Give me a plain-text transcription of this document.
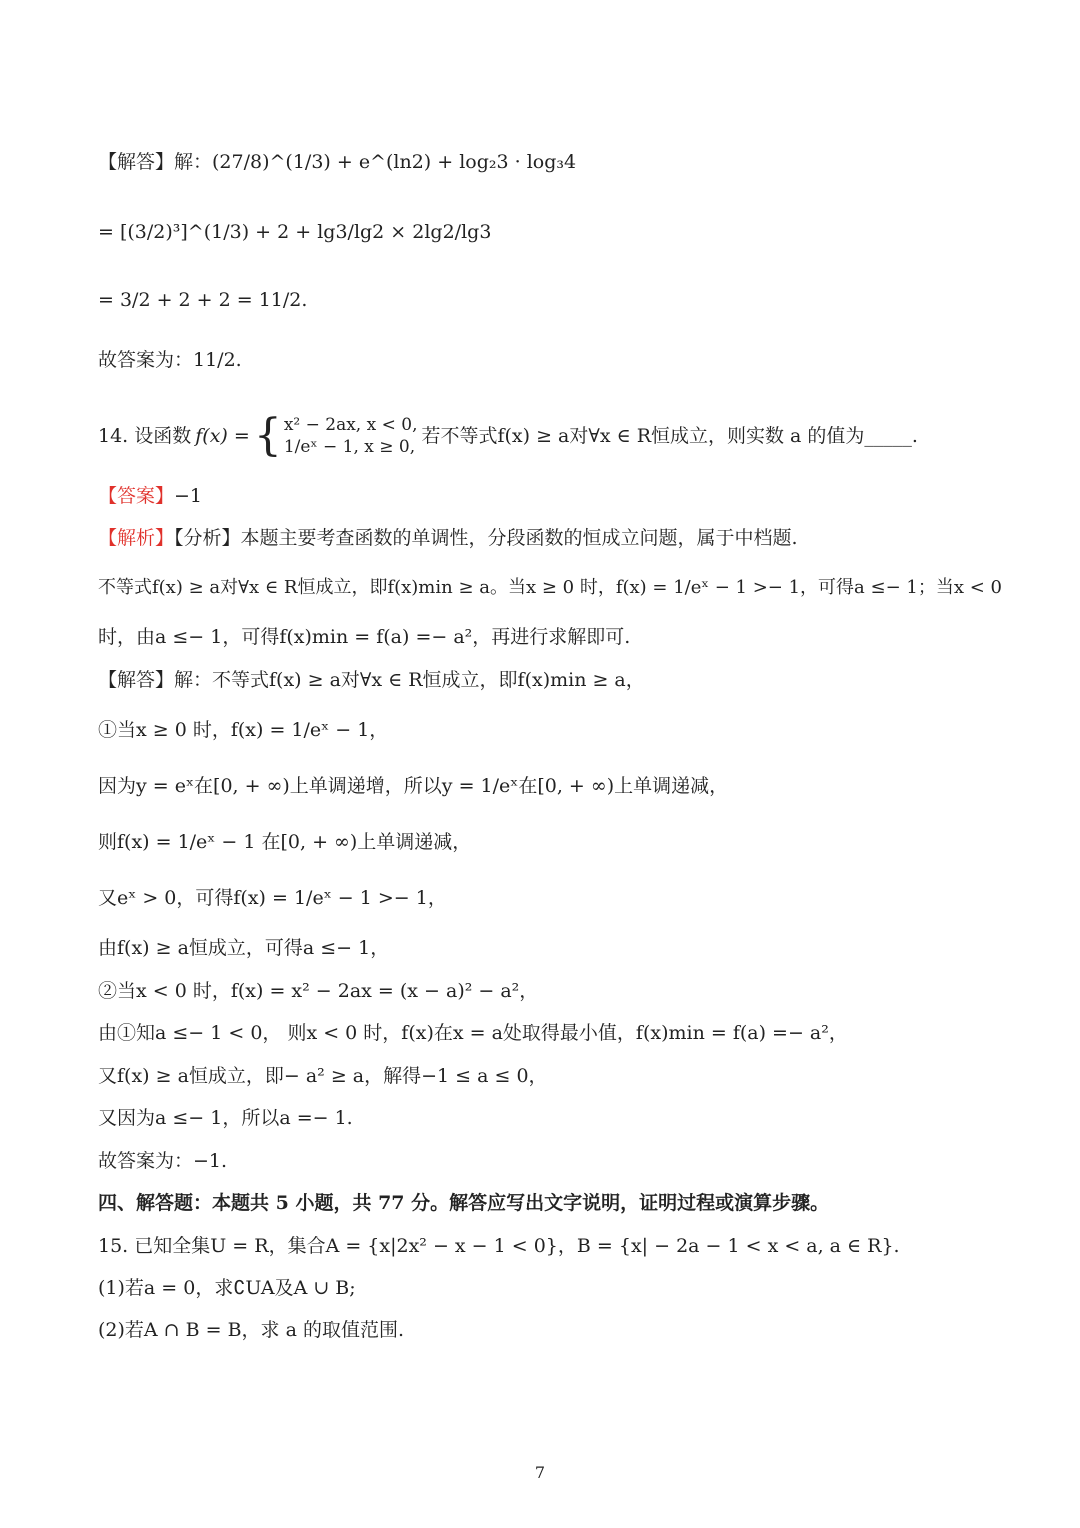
【解答】解：(27/8)^(1/3) + e^(ln2) + log₂3 · log₃4
= [(3/2)³]^(1/3) + 2 + lg3/lg2 × 2lg2/lg3
= 3/2 + 2 + 2 = 11/2.
故答案为：11/2.
14. 设函数 f(x) = { x² − 2ax, x < 0,
1/eˣ − 1, x ≥ 0, 若不等式f(x) ≥ a对∀x ∈ R恒成立，则实数 a 的值为_____.
【答案】−1
【解析】【分析】本题主要考查函数的单调性，分段函数的恒成立问题，属于中档题.
不等式f(x) ≥ a对∀x ∈ R恒成立，即f(x)min ≥ a。当x ≥ 0 时，f(x) = 1/eˣ − 1 >− 1，可得a ≤− 1；当x < 0
时，由a ≤− 1，可得f(x)min = f(a) =− a²，再进行求解即可.
【解答】解：不等式f(x) ≥ a对∀x ∈ R恒成立，即f(x)min ≥ a，
①当x ≥ 0 时，f(x) = 1/eˣ − 1，
因为y = eˣ在[0, + ∞)上单调递增，所以y = 1/eˣ在[0, + ∞)上单调递减，
则f(x) = 1/eˣ − 1 在[0, + ∞)上单调递减，
又eˣ > 0，可得f(x) = 1/eˣ − 1 >− 1，
由f(x) ≥ a恒成立，可得a ≤− 1，
②当x < 0 时，f(x) = x² − 2ax = (x − a)² − a²，
由①知a ≤− 1 < 0， 则x < 0 时，f(x)在x = a处取得最小值，f(x)min = f(a) =− a²，
又f(x) ≥ a恒成立，即− a² ≥ a，解得−1 ≤ a ≤ 0，
又因为a ≤− 1，所以a =− 1.
故答案为：−1.
四、解答题：本题共 5 小题，共 77 分。解答应写出文字说明，证明过程或演算步骤。
15. 已知全集U = R，集合A = {x|2x² − x − 1 < 0}，B = {x| − 2a − 1 < x < a, a ∈ R}.
(1)若a = 0，求∁UA及A ∪ B;
(2)若A ∩ B = B，求 a 的取值范围.
7
